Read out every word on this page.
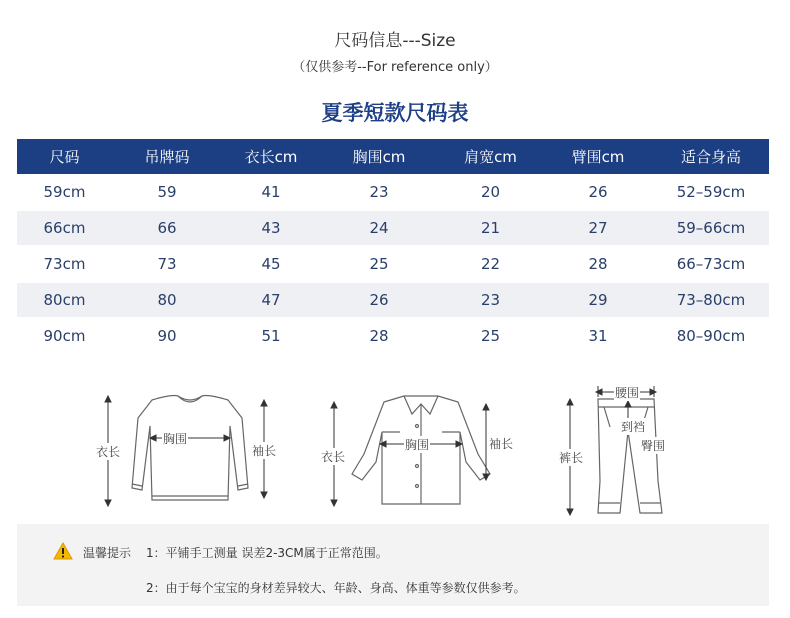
尺码信息---Size
（仅供参考--For reference only）
夏季短款尺码表
尺码	吊牌码	衣长cm	胸围cm	肩宽cm	臂围cm	适合身高
59cm	59	41	23	20	26	52–59cm
66cm	66	43	24	21	27	59–66cm
73cm	73	45	25	22	28	66–73cm
80cm	80	47	26	23	29	73–80cm
90cm	90	51	28	25	31	80–90cm
衣长
胸围
袖长	衣长
胸围	袖长
腰围
到裆
臀围
裤长
温馨提示 1：平铺手工测量 误差2-3CM属于正常范围。
2：由于每个宝宝的身材差异较大、年龄、身高、体重等参数仅供参考。
